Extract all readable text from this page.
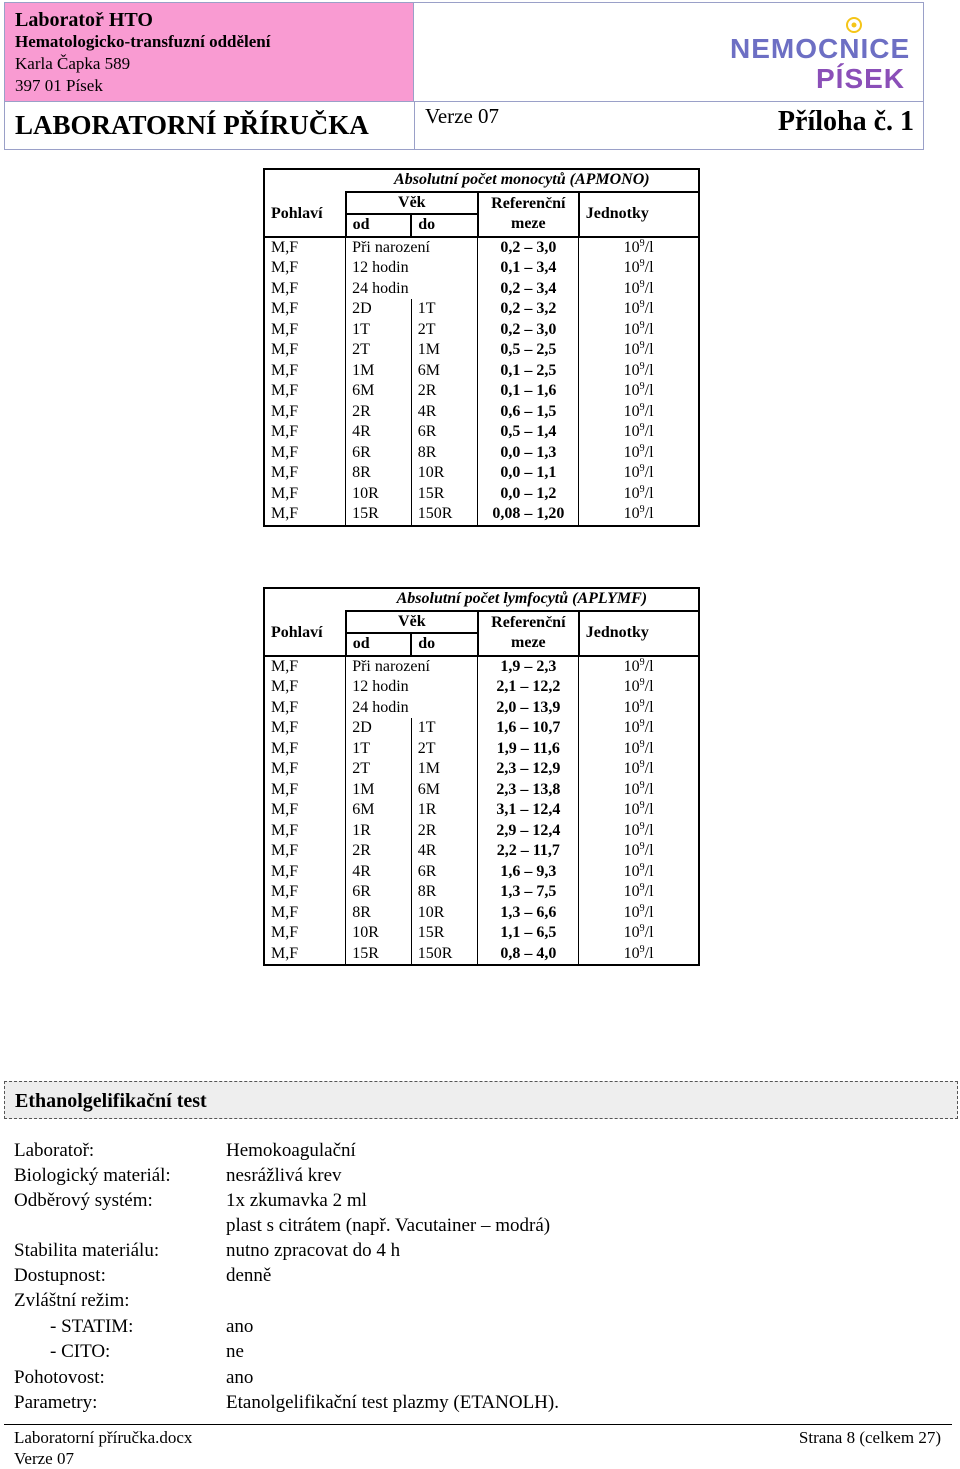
Laboratoř HTO
Hematologicko-transfuzní oddělení
Karla Čapka 589
397 01 Písek
NEMOCNICE
PÍSEK
LABORATORNÍ PŘÍRUČKA	Verze 07	Příloha č. 1
	Absolutní počet monocytů (APMONO)			
Pohlaví	Věk		Referenční meze	Jednotky
	od	do		
M,F	Při narození		0,2 – 3,0	$10^9/l$
M,F	12 hodin		0,1 – 3,4	$10^9/l$
M,F	24 hodin		0,2 – 3,4	$10^9/l$
M,F	2D	1T	0,2 – 3,2	$10^9/l$
M,F	1T	2T	0,2 – 3,0	$10^9/l$
M,F	2T	1M	0,5 – 2,5	$10^9/l$
M,F	1M	6M	0,1 – 2,5	$10^9/l$
M,F	6M	2R	0,1 – 1,6	$10^9/l$
M,F	2R	4R	0,6 – 1,5	$10^9/l$
M,F	4R	6R	0,5 – 1,4	$10^9/l$
M,F	6R	8R	0,0 – 1,3	$10^9/l$
M,F	8R	10R	0,0 – 1,1	$10^9/l$
M,F	10R	15R	0,0 – 1,2	$10^9/l$
M,F	15R	150R	0,08 – 1,20	$10^9/l$
	Absolutní počet lymfocytů (APLYMF)			
Pohlaví	Věk		Referenční meze	Jednotky
	od	do		
M,F	Při narození		1,9 – 2,3	$10^9/l$
M,F	12 hodin		2,1 – 12,2	$10^9/l$
M,F	24 hodin		2,0 – 13,9	$10^9/l$
M,F	2D	1T	1,6 – 10,7	$10^9/l$
M,F	1T	2T	1,9 – 11,6	$10^9/l$
M,F	2T	1M	2,3 – 12,9	$10^9/l$
M,F	1M	6M	2,3 – 13,8	$10^9/l$
M,F	6M	1R	3,1 – 12,4	$10^9/l$
M,F	1R	2R	2,9 – 12,4	$10^9/l$
M,F	2R	4R	2,2 – 11,7	$10^9/l$
M,F	4R	6R	1,6 – 9,3	$10^9/l$
M,F	6R	8R	1,3 – 7,5	$10^9/l$
M,F	8R	10R	1,3 – 6,6	$10^9/l$
M,F	10R	15R	1,1 – 6,5	$10^9/l$
M,F	15R	150R	0,8 – 4,0	$10^9/l$
Ethanolgelifikační test
Laboratoř:	Hemokoagulační
Biologický materiál:	nesrážlivá krev
Odběrový systém:	1x zkumavka 2 ml
plast s citrátem (např. Vacutainer – modrá)
Stabilita materiálu:	nutno zpracovat do 4 h
Dostupnost:	denně
Zvláštní režim:
- STATIM:	ano
- CITO:	ne
Pohotovost:	ano
Parametry:	Etanolgelifikační test plazmy (ETANOLH).
Laboratorní příručka.docx
Verze 07
Strana 8 (celkem 27)
